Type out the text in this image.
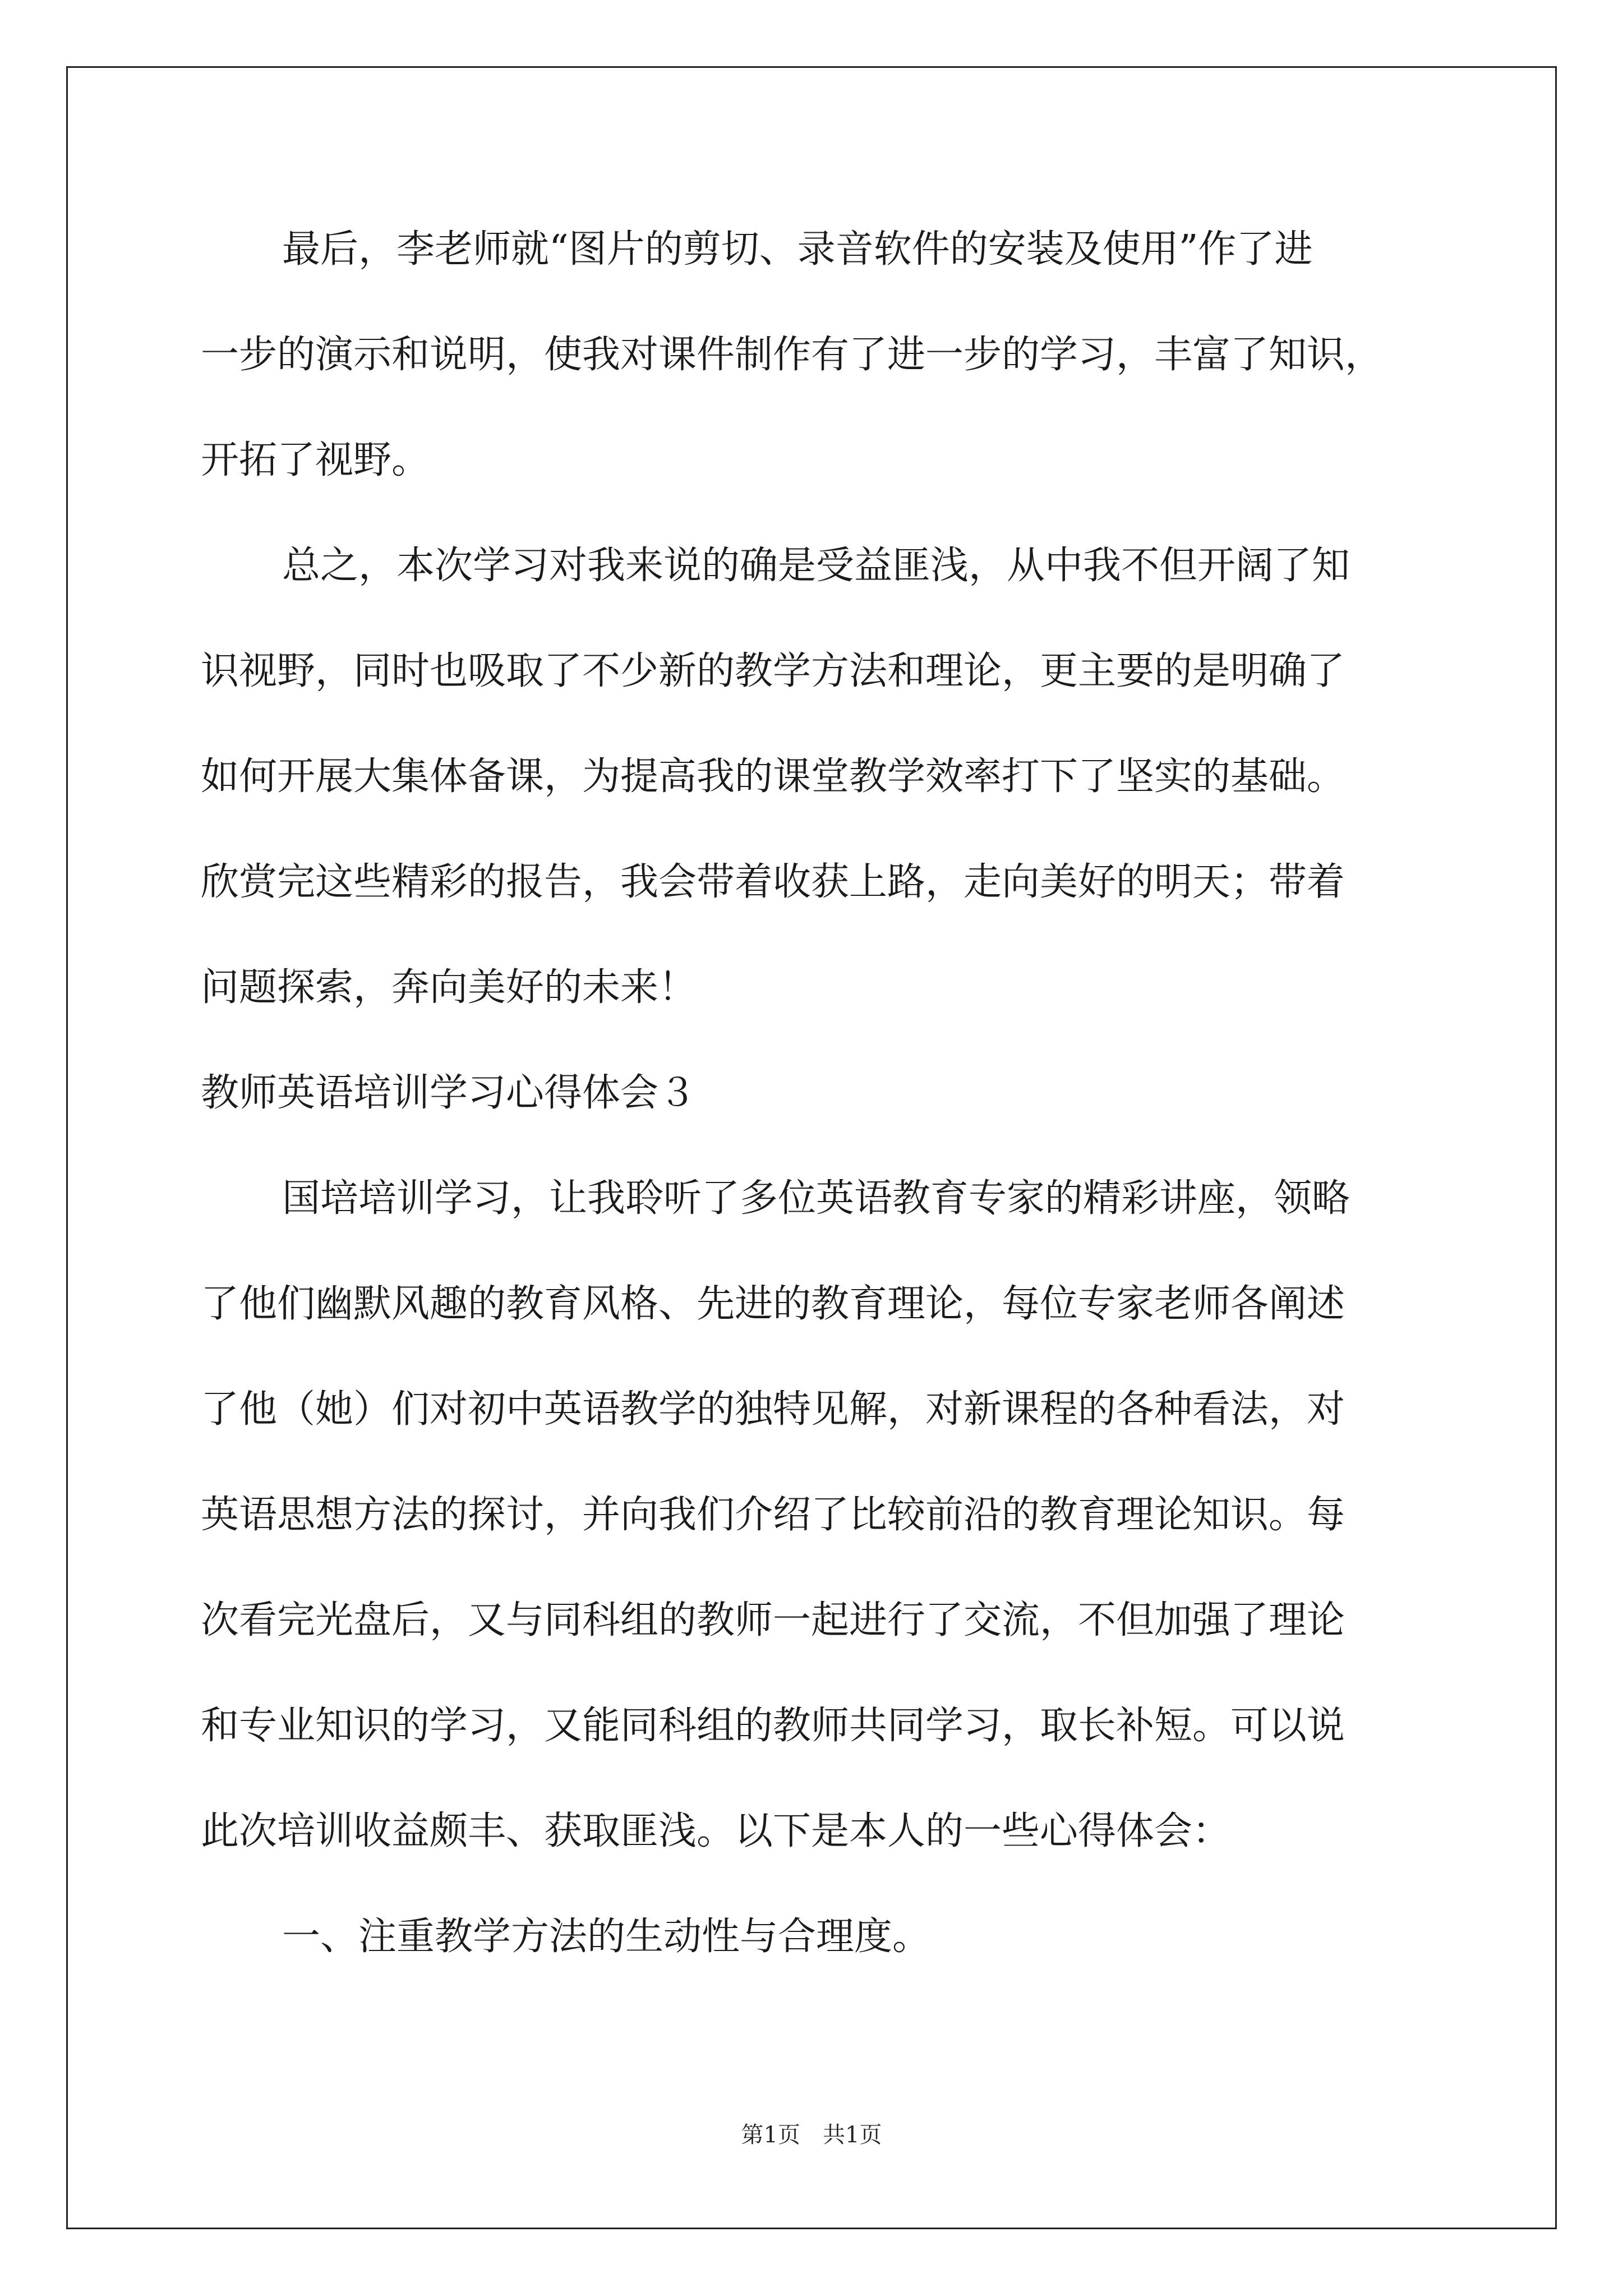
最后，李老师就“图片的剪切、录音软件的安装及使用”作了进
一步的演示和说明，使我对课件制作有了进一步的学习，丰富了知识，
开拓了视野。
总之，本次学习对我来说的确是受益匪浅，从中我不但开阔了知
识视野，同时也吸取了不少新的教学方法和理论，更主要的是明确了
如何开展大集体备课，为提高我的课堂教学效率打下了坚实的基础。
欣赏完这些精彩的报告，我会带着收获上路，走向美好的明天；带着
问题探索，奔向美好的未来！
教师英语培训学习心得体会３
国培培训学习，让我聆听了多位英语教育专家的精彩讲座，领略
了他们幽默风趣的教育风格、先进的教育理论，每位专家老师各阐述
了他（她）们对初中英语教学的独特见解，对新课程的各种看法，对
英语思想方法的探讨，并向我们介绍了比较前沿的教育理论知识。每
次看完光盘后，又与同科组的教师一起进行了交流，不但加强了理论
和专业知识的学习，又能同科组的教师共同学习，取长补短。可以说
此次培训收益颇丰、获取匪浅。以下是本人的一些心得体会：
一、注重教学方法的生动性与合理度。
第1页 共1页
